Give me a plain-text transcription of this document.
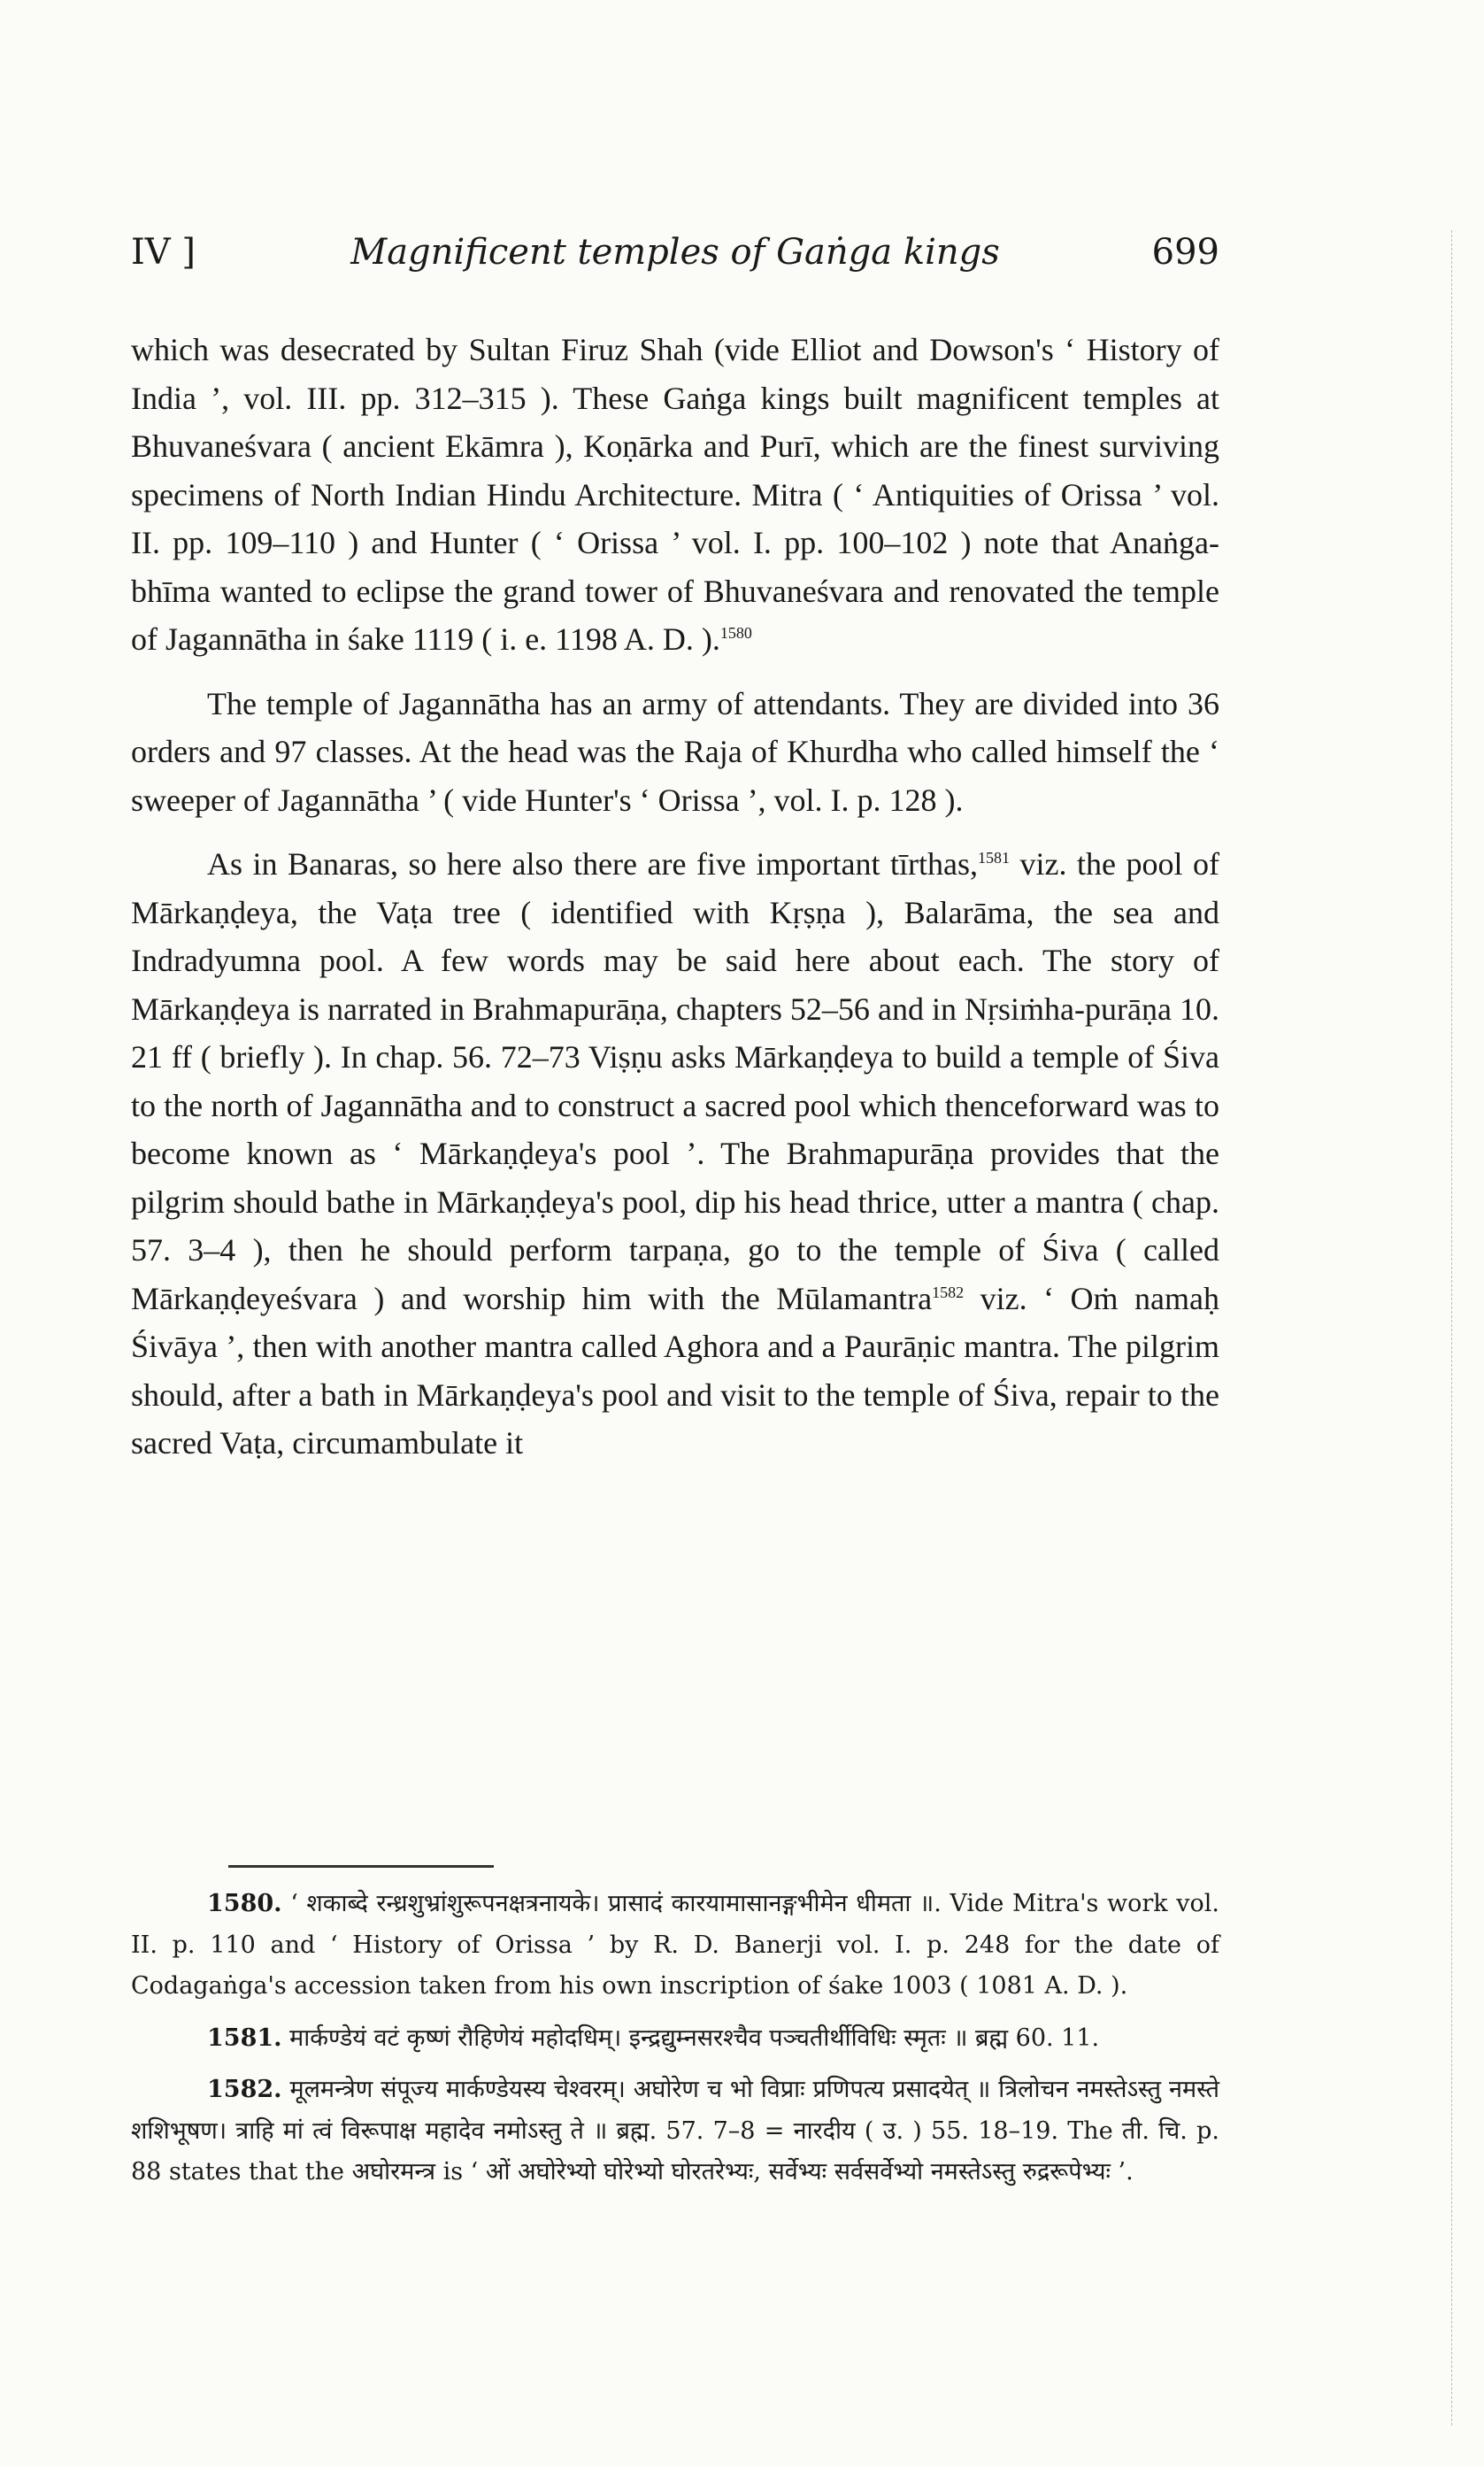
IV ]	Magnificent temples of Gaṅga kings	699

which was desecrated by Sultan Firuz Shah (vide Elliot and Dowson's ‘ History of India ’, vol. III. pp. 312–315 ). These Gaṅga kings built magnificent temples at Bhuvaneśvara ( ancient Ekāmra ), Koṇārka and Purī, which are the finest surviving specimens of North Indian Hindu Architecture. Mitra ( ‘ Antiquities of Orissa ’ vol. II. pp. 109–110 ) and Hunter ( ‘ Orissa ’ vol. I. pp. 100–102 ) note that Anaṅga-bhīma wanted to eclipse the grand tower of Bhuvaneśvara and renovated the temple of Jagannātha in śake 1119 ( i. e. 1198 A. D. ).$^{1580}$

The temple of Jagannātha has an army of attendants. They are divided into 36 orders and 97 classes. At the head was the Raja of Khurdha who called himself the ‘ sweeper of Jagannātha ’ ( vide Hunter's ‘ Orissa ’, vol. I. p. 128 ).

As in Banaras, so here also there are five important tīrthas,$^{1581}$ viz. the pool of Mārkaṇḍeya, the Vaṭa tree ( identified with Kṛṣṇa ), Balarāma, the sea and Indradyumna pool. A few words may be said here about each. The story of Mārkaṇḍeya is narrated in Brahmapurāṇa, chapters 52–56 and in Nṛsiṁha-purāṇa 10. 21 ff ( briefly ). In chap. 56. 72–73 Viṣṇu asks Mārkaṇḍeya to build a temple of Śiva to the north of Jagannātha and to construct a sacred pool which thenceforward was to become known as ‘ Mārkaṇḍeya's pool ’. The Brahmapurāṇa provides that the pilgrim should bathe in Mārkaṇḍeya's pool, dip his head thrice, utter a mantra ( chap. 57. 3–4 ), then he should perform tarpaṇa, go to the temple of Śiva ( called Mārkaṇḍeyeśvara ) and worship him with the Mūlamantra$^{1582}$ viz. ‘ Oṁ namaḥ Śivāya ’, then with another mantra called Aghora and a Paurāṇic mantra. The pilgrim should, after a bath in Mārkaṇḍeya's pool and visit to the temple of Śiva, repair to the sacred Vaṭa, circumambulate it

1580. ‘ शकाब्दे रन्ध्रशुभ्रांशुरूपनक्षत्रनायके। प्रासादं कारयामासानङ्गभीमेन धीमता ॥. Vide Mitra's work vol. II. p. 110 and ‘ History of Orissa ’ by R. D. Banerji vol. I. p. 248 for the date of Codagaṅga's accession taken from his own inscription of śake 1003 ( 1081 A. D. ).

1581. मार्कण्डेयं वटं कृष्णं रौहिणेयं महोदधिम्। इन्द्रद्युम्नसरश्चैव पञ्चतीर्थीविधिः स्मृतः ॥ ब्रह्म 60. 11.

1582. मूलमन्त्रेण संपूज्य मार्कण्डेयस्य चेश्वरम्। अघोरेण च भो विप्राः प्रणिपत्य प्रसादयेत् ॥ त्रिलोचन नमस्तेऽस्तु नमस्ते शशिभूषण। त्राहि मां त्वं विरूपाक्ष महादेव नमोऽस्तु ते ॥ ब्रह्म. 57. 7–8 = नारदीय ( उ. ) 55. 18–19. The ती. चि. p. 88 states that the अघोरमन्त्र is ‘ ओं अघोरेभ्यो घोरेभ्यो घोरतरेभ्यः, सर्वेभ्यः सर्वसर्वेभ्यो नमस्तेऽस्तु रुद्ररूपेभ्यः ’.
